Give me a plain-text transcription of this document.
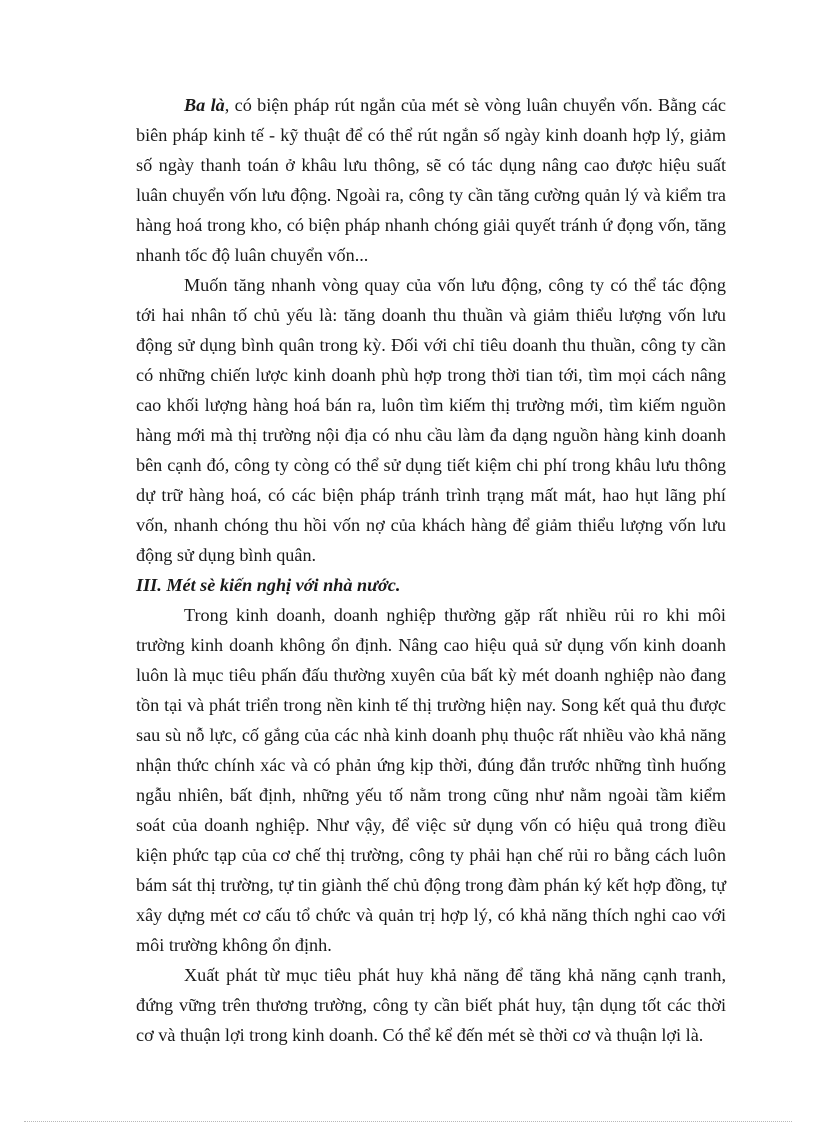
Ba là, có biện pháp rút ngắn của mét sè vòng luân chuyển vốn. Bằng các biên pháp kinh tế - kỹ thuật để có thể rút ngắn số ngày kinh doanh hợp lý, giảm số ngày thanh toán ở khâu lưu thông, sẽ có tác dụng nâng cao được hiệu suất luân chuyển vốn lưu động. Ngoài ra, công ty cần tăng cường quản lý và kiểm tra hàng hoá trong kho, có biện pháp nhanh chóng giải quyết tránh ứ đọng vốn, tăng nhanh tốc độ luân chuyển vốn...

Muốn tăng nhanh vòng quay của vốn lưu động, công ty có thể tác động tới hai nhân tố chủ yếu là: tăng doanh thu thuần và giảm thiểu lượng vốn lưu động sử dụng bình quân trong kỳ. Đối với chỉ tiêu doanh thu thuần, công ty cần có những chiến lược kinh doanh phù hợp trong thời tian tới, tìm mọi cách nâng cao khối lượng hàng hoá bán ra, luôn tìm kiếm thị trường mới, tìm kiếm nguồn hàng mới mà thị trường nội địa có nhu cầu làm đa dạng nguồn hàng kinh doanh bên cạnh đó, công ty còng có thể sử dụng tiết kiệm chi phí trong khâu lưu thông dự trữ hàng hoá, có các biện pháp tránh trình trạng mất mát, hao hụt lãng phí vốn, nhanh chóng thu hồi vốn nợ của khách hàng để giảm thiểu lượng vốn lưu động sử dụng bình quân.

III. Mét sè kiến nghị với nhà nước.

Trong kinh doanh, doanh nghiệp thường gặp rất nhiều rủi ro khi môi trường kinh doanh không ổn định. Nâng cao hiệu quả sử dụng vốn kinh doanh luôn là mục tiêu phấn đấu thường xuyên của bất kỳ mét doanh nghiệp nào đang tồn tại và phát triển trong nền kinh tế thị trường hiện nay. Song kết quả thu được sau sù nỗ lực, cố gắng của các nhà kinh doanh phụ thuộc rất nhiều vào khả năng nhận thức chính xác và có phản ứng kịp thời, đúng đắn trước những tình huống ngẫu nhiên, bất định, những yếu tố nằm trong cũng như nằm ngoài tầm kiểm soát của doanh nghiệp. Như vậy, để việc sử dụng vốn có hiệu quả trong điều kiện phức tạp của cơ chế thị trường, công ty phải hạn chế rủi ro bằng cách luôn bám sát thị trường, tự tin giành thế chủ động trong đàm phán ký kết hợp đồng, tự xây dựng mét cơ cấu tổ chức và quản trị hợp lý, có khả năng thích nghi cao với môi trường không ổn định.

Xuất phát từ mục tiêu phát huy khả năng để tăng khả năng cạnh tranh, đứng vững trên thương trường, công ty cần biết phát huy, tận dụng tốt các thời cơ và thuận lợi trong kinh doanh. Có thể kể đến mét sè thời cơ và thuận lợi là.
